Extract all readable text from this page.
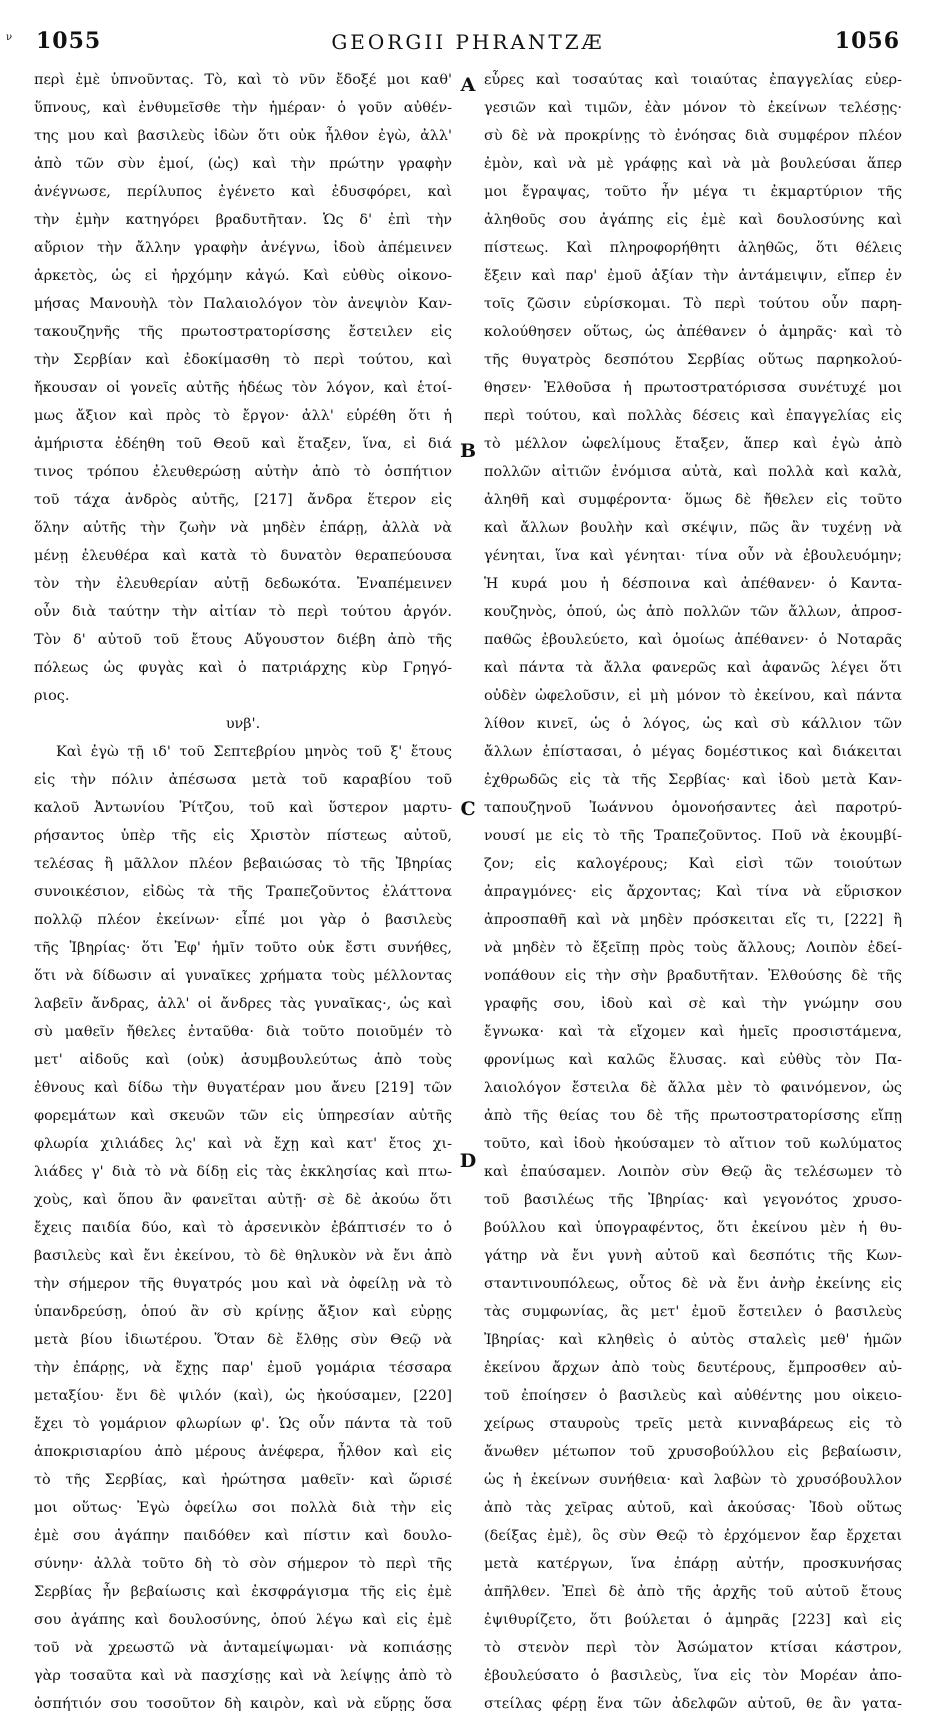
1055	GEORGII PHRANTZÆ	1056
ν
A
B
C
D
περὶ ἐμὲ ὑπνοῦντας. Τὸ, καὶ τὸ νῦν ἔδοξέ μοι καθ'
ὕπνους, καὶ ἐνθυμεῖσθε τὴν ἡμέραν· ὁ γοῦν αὐθέν-
της μου καὶ βασιλεὺς ἰδὼν ὅτι οὐκ ἦλθον ἐγὼ, ἀλλ'
ἀπὸ τῶν σὺν ἐμοί, (ὡς) καὶ τὴν πρώτην γραφὴν
ἀνέγνωσε, περίλυπος ἐγένετο καὶ ἐδυσφόρει, καὶ
τὴν ἐμὴν κατηγόρει βραδυτῆταν. Ὡς δ' ἐπὶ τὴν
αὔριον τὴν ἄλλην γραφὴν ἀνέγνω, ἰδοὺ ἀπέμεινεν
ἀρκετὸς, ὡς εἰ ἠρχόμην κἀγώ. Καὶ εὐθὺς οἰκονο-
μήσας Μανουὴλ τὸν Παλαιολόγον τὸν ἀνεψιὸν Καν-
τακουζηνῆς τῆς πρωτοστρατορίσσης ἔστειλεν εἰς
τὴν Σερβίαν καὶ ἐδοκίμασθη τὸ περὶ τούτου, καὶ
ἤκουσαν οἱ γονεῖς αὐτῆς ἡδέως τὸν λόγον, καὶ ἑτοί-
μως ἄξιον καὶ πρὸς τὸ ἔργον· ἀλλ' εὑρέθη ὅτι ἡ
ἀμήριστα ἐδέηθη τοῦ Θεοῦ καὶ ἔταξεν, ἵνα, εἰ διά
τινος τρόπου ἐλευθερώσῃ αὐτὴν ἀπὸ τὸ ὀσπήτιον
τοῦ τάχα ἀνδρὸς αὐτῆς, [217] ἄνδρα ἕτερον εἰς
ὅλην αὐτῆς τὴν ζωὴν νὰ μηδὲν ἐπάρῃ, ἀλλὰ νὰ
μένῃ ἐλευθέρα καὶ κατὰ τὸ δυνατὸν θεραπεύουσα
τὸν τὴν ἐλευθερίαν αὐτῇ δεδωκότα. Ἐναπέμεινεν
οὖν διὰ ταύτην τὴν αἰτίαν τὸ περὶ τούτου ἀργόν.
Τὸν δ' αὐτοῦ τοῦ ἔτους Αὔγουστον διέβη ἀπὸ τῆς
πόλεως ὡς φυγὰς καὶ ὁ πατριάρχης κὺρ Γρηγό-
ριος.
υνβ'.
Καὶ ἐγὼ τῇ ιδ' τοῦ Σεπτεβρίου μηνὸς τοῦ ξ' ἔτους
εἰς τὴν πόλιν ἀπέσωσα μετὰ τοῦ καραβίου τοῦ
καλοῦ Ἀντωνίου Ῥίτζου, τοῦ καὶ ὕστερον μαρτυ-
ρήσαντος ὑπὲρ τῆς εἰς Χριστὸν πίστεως αὐτοῦ,
τελέσας ἢ μᾶλλον πλέον βεβαιώσας τὸ τῆς Ἰβηρίας
συνοικέσιον, εἰδὼς τὰ τῆς Τραπεζοῦντος ἐλάττονα
πολλῷ πλέον ἐκείνων· εἶπέ μοι γὰρ ὁ βασιλεὺς
τῆς Ἰβηρίας· ὅτι Ἐφ' ἡμῖν τοῦτο οὐκ ἔστι συνήθες,
ὅτι νὰ δίδωσιν αἱ γυναῖκες χρήματα τοὺς μέλλοντας
λαβεῖν ἄνδρας, ἀλλ' οἱ ἄνδρες τὰς γυναῖκας·, ὡς καὶ
σὺ μαθεῖν ἤθελες ἐνταῦθα· διὰ τοῦτο ποιοῦμέν τὸ
μετ' αἰδοῦς καὶ (οὐκ) ἀσυμβουλεύτως ἀπὸ τοὺς
ἐθνους καὶ δίδω τὴν θυγατέραν μου ἄνευ [219] τῶν
φορεμάτων καὶ σκευῶν τῶν εἰς ὑπηρεσίαν αὐτῆς
φλωρία χιλιάδες λς' καὶ νὰ ἔχῃ καὶ κατ' ἔτος χι-
λιάδες γ' διὰ τὸ νὰ δίδῃ εἰς τὰς ἐκκλησίας καὶ πτω-
χοὺς, καὶ ὅπου ἂν φανεῖται αὐτῇ· σὲ δὲ ἀκούω ὅτι
ἔχεις παιδία δύο, καὶ τὸ ἀρσενικὸν ἐβάπτισέν το ὁ
βασιλεὺς καὶ ἔνι ἐκείνου, τὸ δὲ θηλυκὸν νὰ ἔνι ἀπὸ
τὴν σήμερον τῆς θυγατρός μου καὶ νὰ ὀφείλῃ νὰ τὸ
ὑπανδρεύσῃ, ὁπού ἂν σὺ κρίνῃς ἄξιον καὶ εὐρῃς
μετὰ βίου ἰδιωτέρου. Ὅταν δὲ ἔλθῃς σὺν Θεῷ νὰ
τὴν ἐπάρῃς, νὰ ἔχῃς παρ' ἐμοῦ γομάρια τέσσαρα
μεταξίου· ἔνι δὲ ψιλόν (καὶ), ὡς ἠκούσαμεν, [220]
ἔχει τὸ γομάριον φλωρίων φ'. Ὡς οὖν πάντα τὰ τοῦ
ἀποκρισιαρίου ἀπὸ μέρους ἀνέφερα, ἦλθον καὶ εἰς
τὸ τῆς Σερβίας, καὶ ἠρώτησα μαθεῖν· καὶ ὥρισέ
μοι οὕτως· Ἐγὼ ὀφείλω σοι πολλὰ διὰ τὴν εἰς
ἐμὲ σου ἀγάπην παιδόθεν καὶ πίστιν καὶ δουλο-
σύνην· ἀλλὰ τοῦτο δὴ τὸ σὸν σήμερον τὸ περὶ τῆς
Σερβίας ἦν βεβαίωσις καὶ ἐκσφράγισμα τῆς εἰς ἐμὲ
σου ἀγάπης καὶ δουλοσύνης, ὁπού λέγω καὶ εἰς ἐμὲ
τοῦ νὰ χρεωστῶ νὰ ἀνταμείψωμαι· νὰ κοπιάσῃς
γὰρ τοσαῦτα καὶ νὰ πασχίσῃς καὶ νὰ λείψῃς ἀπὸ τὸ
ὀσπήτιόν σου τοσοῦτον δὴ καιρὸν, καὶ νὰ εὕρῃς ὅσα
εὗρες καὶ τοσαύτας καὶ τοιαύτας ἐπαγγελίας εὐερ-
γεσιῶν καὶ τιμῶν, ἐὰν μόνον τὸ ἐκείνων τελέσῃς·
σὺ δὲ νὰ προκρίνῃς τὸ ἐνόησας διὰ συμφέρον πλέον
ἐμὸν, καὶ νὰ μὲ γράφῃς καὶ νὰ μὰ βουλεύσαι ἅπερ
μοι ἔγραψας, τοῦτο ἦν μέγα τι ἐκμαρτύριον τῆς
ἀληθοῦς σου ἀγάπης εἰς ἐμὲ καὶ δουλοσύνης καὶ
πίστεως. Καὶ πληροφορήθητι ἀληθῶς, ὅτι θέλεις
ἔξειν καὶ παρ' ἐμοῦ ἀξίαν τὴν ἀντάμειψιν, εἴπερ ἐν
τοῖς ζῶσιν εὑρίσκομαι. Τὸ περὶ τούτου οὖν παρη-
κολούθησεν οὕτως, ὡς ἀπέθανεν ὁ ἀμηρᾶς· καὶ τὸ
τῆς θυγατρὸς δεσπότου Σερβίας οὕτως παρηκολού-
θησεν· Ἐλθοῦσα ἡ πρωτοστρατόρισσα συνέτυχέ μοι
περὶ τούτου, καὶ πολλὰς δέσεις καὶ ἐπαγγελίας εἰς
τὸ μέλλον ὠφελίμους ἔταξεν, ἅπερ καὶ ἐγὼ ἀπὸ
πολλῶν αἰτιῶν ἐνόμισα αὐτὰ, καὶ πολλὰ καὶ καλὰ,
ἀληθῆ καὶ συμφέροντα· ὅμως δὲ ἤθελεν εἰς τοῦτο
καὶ ἄλλων βουλὴν καὶ σκέψιν, πῶς ἂν τυχένῃ νὰ
γένηται, ἵνα καὶ γένηται· τίνα οὖν νὰ ἐβουλευόμην;
Ἡ κυρά μου ἡ δέσποινα καὶ ἀπέθανεν· ὁ Καντα-
κουζηνὸς, ὁπού, ὡς ἀπὸ πολλῶν τῶν ἄλλων, ἀπροσ-
παθῶς ἐβουλεύετο, καὶ ὁμοίως ἀπέθανεν· ὁ Νοταρᾶς
καὶ πάντα τὰ ἄλλα φανερῶς καὶ ἀφανῶς λέγει ὅτι
οὐδὲν ὠφελοῦσιν, εἰ μὴ μόνον τὸ ἐκείνου, καὶ πάντα
λίθον κινεῖ, ὡς ὁ λόγος, ὡς καὶ σὺ κάλλιον τῶν
ἄλλων ἐπίστασαι, ὁ μέγας δομέστικος καὶ διάκειται
ἐχθρωδῶς εἰς τὰ τῆς Σερβίας· καὶ ἰδοὺ μετὰ Καν-
ταπουζηνοῦ Ἰωάννου ὁμονοήσαντες ἀεὶ παροτρύ-
νουσί με εἰς τὸ τῆς Τραπεζοῦντος. Ποῦ νὰ ἐκουμβί-
ζον; εἰς καλογέρους; Καὶ εἰσὶ τῶν τοιούτων
ἀπραγμόνες· εἰς ἄρχοντας; Καὶ τίνα νὰ εὕρισκον
ἀπροσπαθῆ καὶ νὰ μηδὲν πρόσκειται εἴς τι, [222] ἢ
νὰ μηδὲν τὸ ἔξεῖπῃ πρὸς τοὺς ἄλλους; Λοιπὸν ἐδεί-
νοπάθουν εἰς τὴν σὴν βραδυτῆταν. Ἐλθούσης δὲ τῆς
γραφῆς σου, ἰδοὺ καὶ σὲ καὶ τὴν γνώμην σου
ἔγνωκα· καὶ τὰ εἴχομεν καὶ ἡμεῖς προσιστάμενα,
φρονίμως καὶ καλῶς ἔλυσας. καὶ εὐθὺς τὸν Πα-
λαιολόγον ἔστειλα δὲ ἄλλα μὲν τὸ φαινόμενον, ὡς
ἀπὸ τῆς θείας του δὲ τῆς πρωτοστρατορίσσης εἴπῃ
τοῦτο, καὶ ἰδοὺ ἠκούσαμεν τὸ αἴτιον τοῦ κωλύματος
καὶ ἐπαύσαμεν. Λοιπὸν σὺν Θεῷ ἂς τελέσωμεν τὸ
τοῦ βασιλέως τῆς Ἰβηρίας· καὶ γεγονότος χρυσο-
βούλλου καὶ ὑπογραφέντος, ὅτι ἐκείνου μὲν ἡ θυ-
γάτηρ νὰ ἔνι γυνὴ αὐτοῦ καὶ δεσπότις τῆς Κων-
σταντινουπόλεως, οὗτος δὲ νὰ ἔνι ἀνὴρ ἐκείνης εἰς
τὰς συμφωνίας, ἃς μετ' ἐμοῦ ἔστειλεν ὁ βασιλεὺς
Ἰβηρίας· καὶ κληθεὶς ὁ αὐτὸς σταλεὶς μεθ' ἡμῶν
ἐκείνου ἄρχων ἀπὸ τοὺς δευτέρους, ἔμπροσθεν αὐ-
τοῦ ἐποίησεν ὁ βασιλεὺς καὶ αὐθέντης μου οἰκειο-
χείρως σταυροὺς τρεῖς μετὰ κινναβάρεως εἰς τὸ
ἄνωθεν μέτωπον τοῦ χρυσοβούλλου εἰς βεβαίωσιν,
ὡς ἡ ἐκείνων συνήθεια· καὶ λαβὼν τὸ χρυσόβουλλον
ἀπὸ τὰς χεῖρας αὐτοῦ, καὶ ἀκούσας· Ἰδοὺ οὕτως
(δείξας ἐμὲ), ὃς σὺν Θεῷ τὸ ἐρχόμενον ἔαρ ἔρχεται
μετὰ κατέργων, ἵνα ἐπάρῃ αὐτήν, προσκυνήσας
ἀπῆλθεν. Ἐπεὶ δὲ ἀπὸ τῆς ἀρχῆς τοῦ αὐτοῦ ἔτους
ἐψιθυρίζετο, ὅτι βούλεται ὁ ἀμηρᾶς [223] καὶ εἰς
τὸ στενὸν περὶ τὸν Ἀσώματον κτίσαι κάστρον,
ἐβουλεύσατο ὁ βασιλεὺς, ἵνα εἰς τὸν Μορέαν ἀπο-
στείλας φέρῃ ἕνα τῶν ἀδελφῶν αὐτοῦ, θε ἂν γατα-
